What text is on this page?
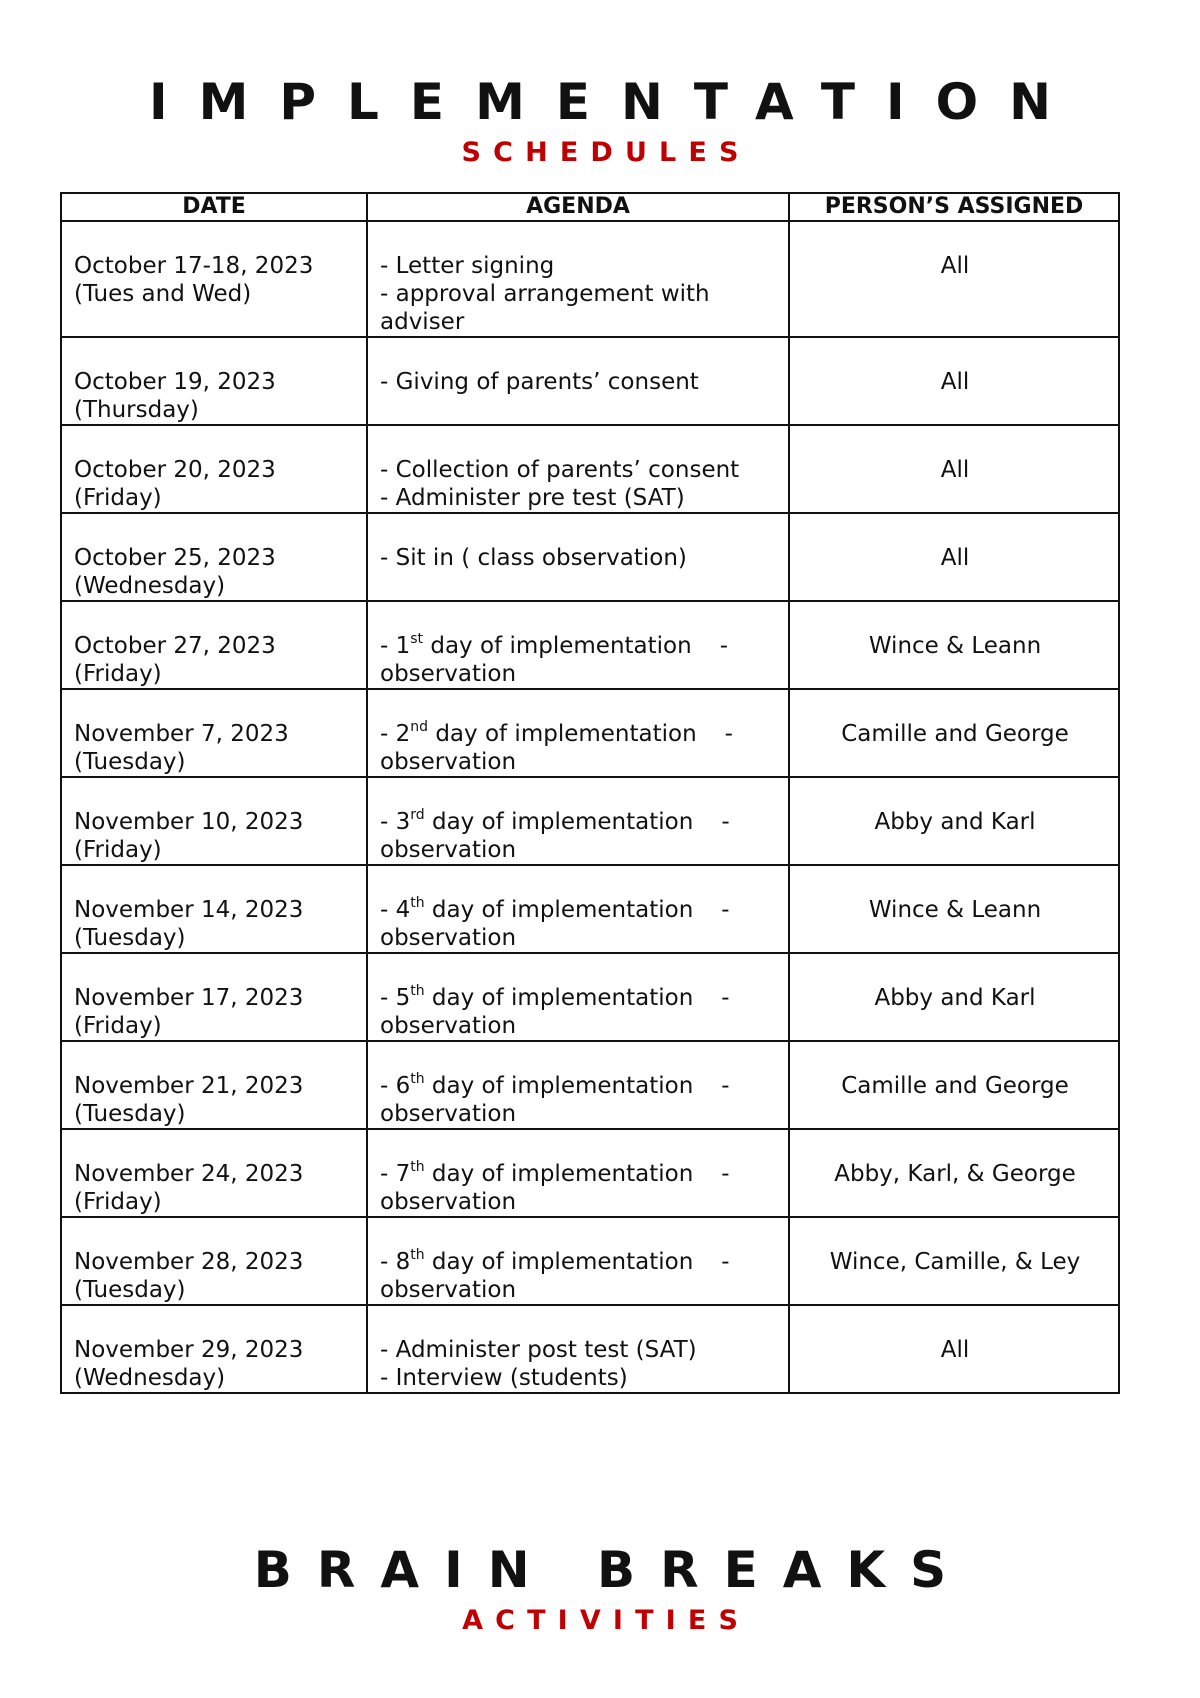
IMPLEMENTATION
SCHEDULES
DATE	AGENDA	PERSON’S ASSIGNED

October 17-18, 2023
(Tues and Wed)	- Letter signing
- approval arrangement with adviser	All

October 19, 2023
(Thursday)	- Giving of parents’ consent	All

October 20, 2023
(Friday)	- Collection of parents’ consent
- Administer pre test (SAT)	All

October 25, 2023
(Wednesday)	- Sit in ( class observation)	All

October 27, 2023
(Friday)	- 1st day of implementation -
observation	Wince & Leann

November 7, 2023
(Tuesday)	- 2nd day of implementation -
observation	Camille and George

November 10, 2023
(Friday)	- 3rd day of implementation -
observation	Abby and Karl

November 14, 2023
(Tuesday)	- 4th day of implementation -
observation	Wince & Leann

November 17, 2023
(Friday)	- 5th day of implementation -
observation	Abby and Karl

November 21, 2023
(Tuesday)	- 6th day of implementation -
observation	Camille and George

November 24, 2023
(Friday)	- 7th day of implementation -
observation	Abby, Karl, & George

November 28, 2023
(Tuesday)	- 8th day of implementation -
observation	Wince, Camille, & Ley

November 29, 2023
(Wednesday)	- Administer post test (SAT)
- Interview (students)	All
BRAIN BREAKS
ACTIVITIES
